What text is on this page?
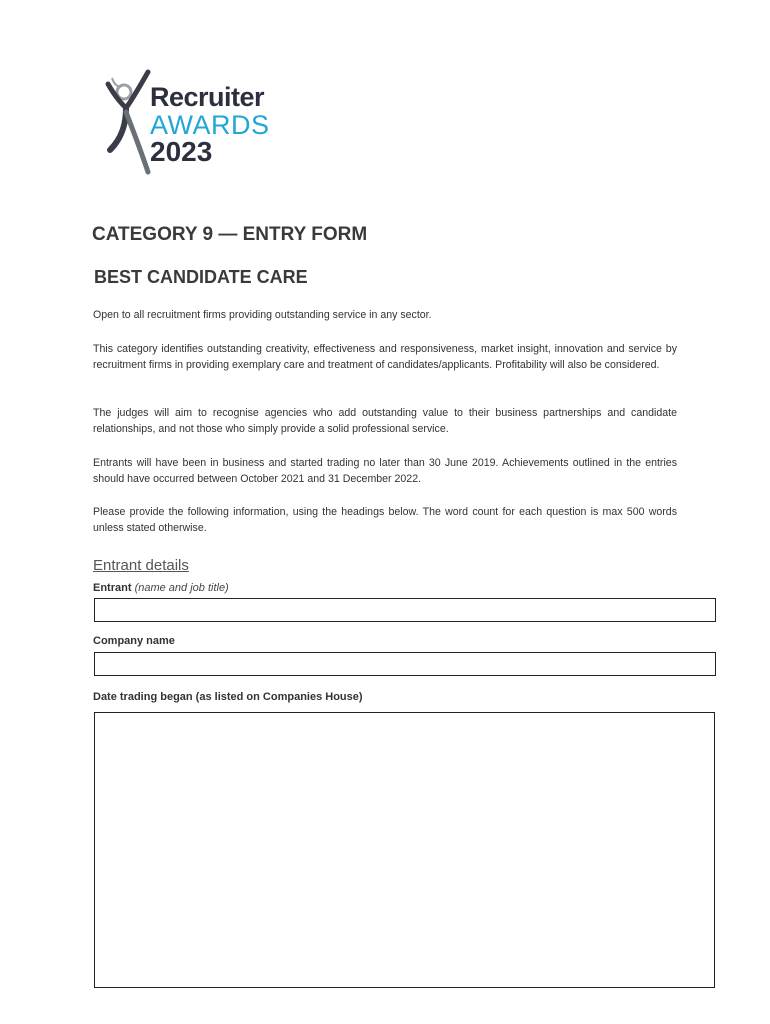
Recruiter
AWARDS
2023
CATEGORY 9 — ENTRY FORM
BEST CANDIDATE CARE

Open to all recruitment firms providing outstanding service in any sector.

This category identifies outstanding creativity, effectiveness and responsiveness, market insight, innovation and service by recruitment firms in providing exemplary care and treatment of candidates/applicants. Profitability will also be considered.

The judges will aim to recognise agencies who add outstanding value to their business partnerships and candidate relationships, and not those who simply provide a solid professional service.

Entrants will have been in business and started trading no later than 30 June 2019. Achievements outlined in the entries should have occurred between October 2021 and 31 December 2022.

Please provide the following information, using the headings below. The word count for each question is max 500 words unless stated otherwise.

Entrant details
Entrant (name and job title)
Company name
Date trading began (as listed on Companies House)
